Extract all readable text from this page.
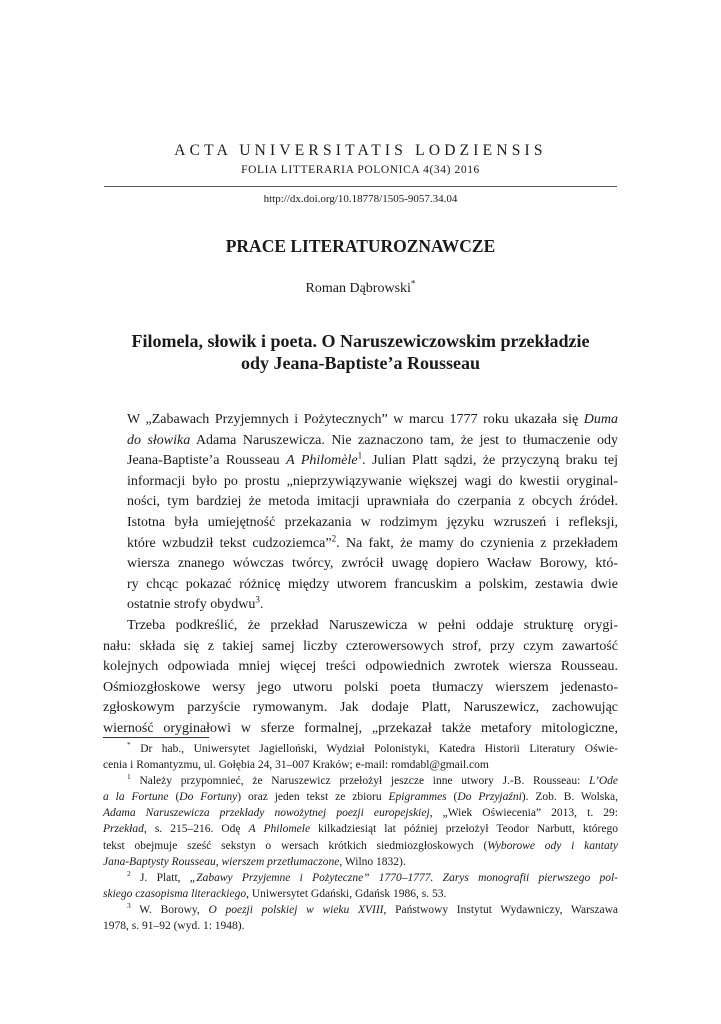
ACTA UNIVERSITATIS LODZIENSIS
FOLIA LITTERARIA POLONICA 4(34) 2016
http://dx.doi.org/10.18778/1505-9057.34.04
PRACE LITERATUROZNAWCZE
Roman Dąbrowski*
Filomela, słowik i poeta. O Naruszewiczowskim przekładzie
ody Jeana-Baptiste’a Rousseau

W „Zabawach Przyjemnych i Pożytecznych” w marcu 1777 roku ukazała się Duma
do słowika Adama Naruszewicza. Nie zaznaczono tam, że jest to tłumaczenie ody
Jeana-Baptiste’a Rousseau A Philomèle$^1$. Julian Platt sądzi, że przyczyną braku tej
informacji było po prostu „nieprzywiązywanie większej wagi do kwestii oryginal-
ności, tym bardziej że metoda imitacji uprawniała do czerpania z obcych źródeł.
Istotna była umiejętność przekazania w rodzimym języku wzruszeń i refleksji,
które wzbudził tekst cudzoziemca”$^2$. Na fakt, że mamy do czynienia z przekładem
wiersza znanego wówczas twórcy, zwrócił uwagę dopiero Wacław Borowy, któ-
ry chcąc pokazać różnicę między utworem francuskim a polskim, zestawia dwie
ostatnie strofy obydwu$^3$.

Trzeba podkreślić, że przekład Naruszewicza w pełni oddaje strukturę orygi-
nału: składa się z takiej samej liczby czterowersowych strof, przy czym zawartość
kolejnych odpowiada mniej więcej treści odpowiednich zwrotek wiersza Rousseau.
Ośmiozgłoskowe wersy jego utworu polski poeta tłumaczy wierszem jedenasto-
zgłoskowym parzyście rymowanym. Jak dodaje Platt, Naruszewicz, zachowując
wierność oryginałowi w sferze formalnej, „przekazał także metafory mitologiczne,

* Dr hab., Uniwersytet Jagielloński, Wydział Polonistyki, Katedra Historii Literatury Oświe-
cenia i Romantyzmu, ul. Gołębia 24, 31–007 Kraków; e-mail: romdabl@gmail.com

$^1$ Należy przypomnieć, że Naruszewicz przełożył jeszcze inne utwory J.-B. Rousseau: L’Ode
a la Fortune (Do Fortuny) oraz jeden tekst ze zbioru Epigrammes (Do Przyjaźni). Zob. B. Wolska,
Adama Naruszewicza przekłady nowożytnej poezji europejskiej, „Wiek Oświecenia” 2013, t. 29:
Przekład, s. 215–216. Odę A Philomele kilkadziesiąt lat później przełożył Teodor Narbutt, którego
tekst obejmuje sześć sekstyn o wersach krótkich siedmiozgłoskowych (Wyborowe ody i kantaty
Jana-Baptysty Rousseau, wierszem przetłumaczone, Wilno 1832).

$^2$ J. Platt, „Zabawy Przyjemne i Pożyteczne” 1770–1777. Zarys monografii pierwszego pol-
skiego czasopisma literackiego, Uniwersytet Gdański, Gdańsk 1986, s. 53.

$^3$ W. Borowy, O poezji polskiej w wieku XVIII, Państwowy Instytut Wydawniczy, Warszawa
1978, s. 91–92 (wyd. 1: 1948).
